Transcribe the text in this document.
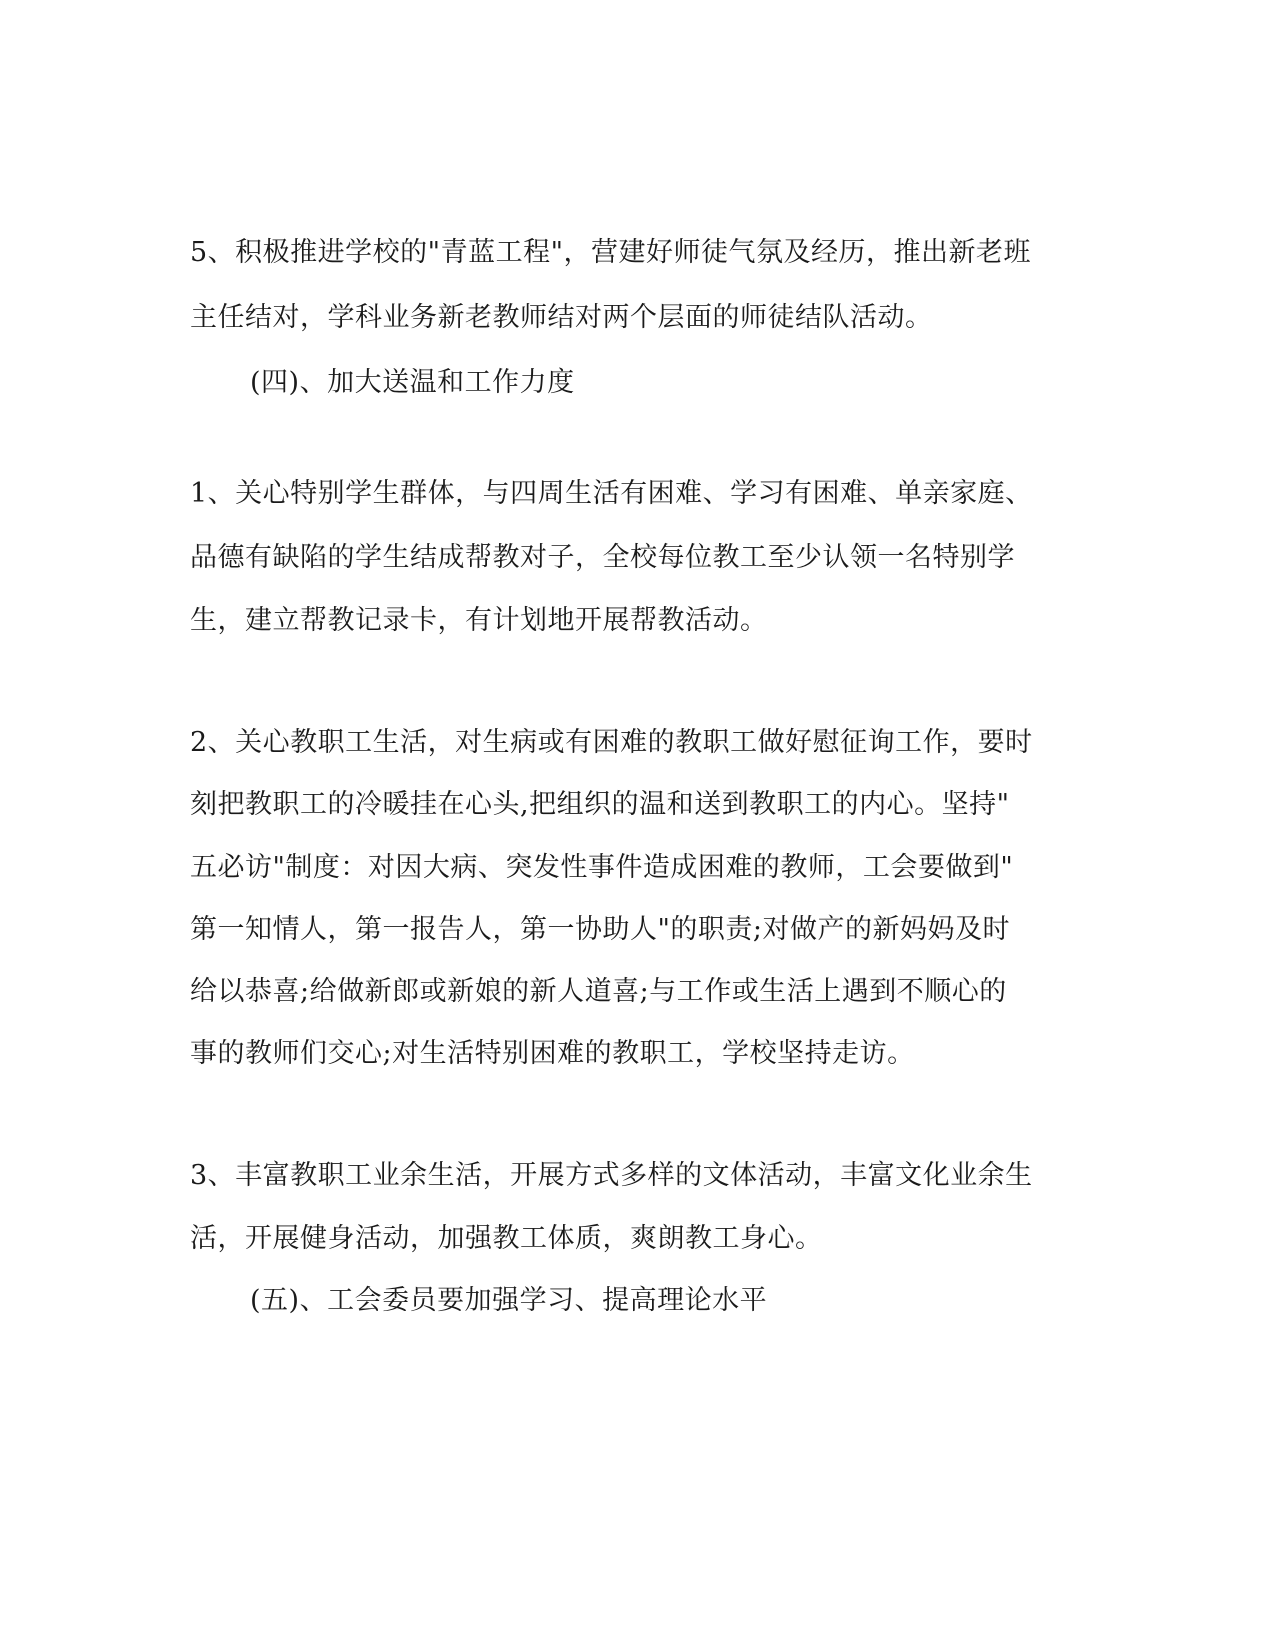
5、积极推进学校的"青蓝工程"，营建好师徒气氛及经历，推出新老班
主任结对，学科业务新老教师结对两个层面的师徒结队活动。
(四)、加大送温和工作力度
1、关心特别学生群体，与四周生活有困难、学习有困难、单亲家庭、
品德有缺陷的学生结成帮教对子，全校每位教工至少认领一名特别学
生，建立帮教记录卡，有计划地开展帮教活动。
2、关心教职工生活，对生病或有困难的教职工做好慰征询工作，要时
刻把教职工的冷暖挂在心头,把组织的温和送到教职工的内心。坚持"
五必访"制度：对因大病、突发性事件造成困难的教师，工会要做到"
第一知情人，第一报告人，第一协助人"的职责;对做产的新妈妈及时
给以恭喜;给做新郎或新娘的新人道喜;与工作或生活上遇到不顺心的
事的教师们交心;对生活特别困难的教职工，学校坚持走访。
3、丰富教职工业余生活，开展方式多样的文体活动，丰富文化业余生
活，开展健身活动，加强教工体质，爽朗教工身心。
(五)、工会委员要加强学习、提高理论水平
